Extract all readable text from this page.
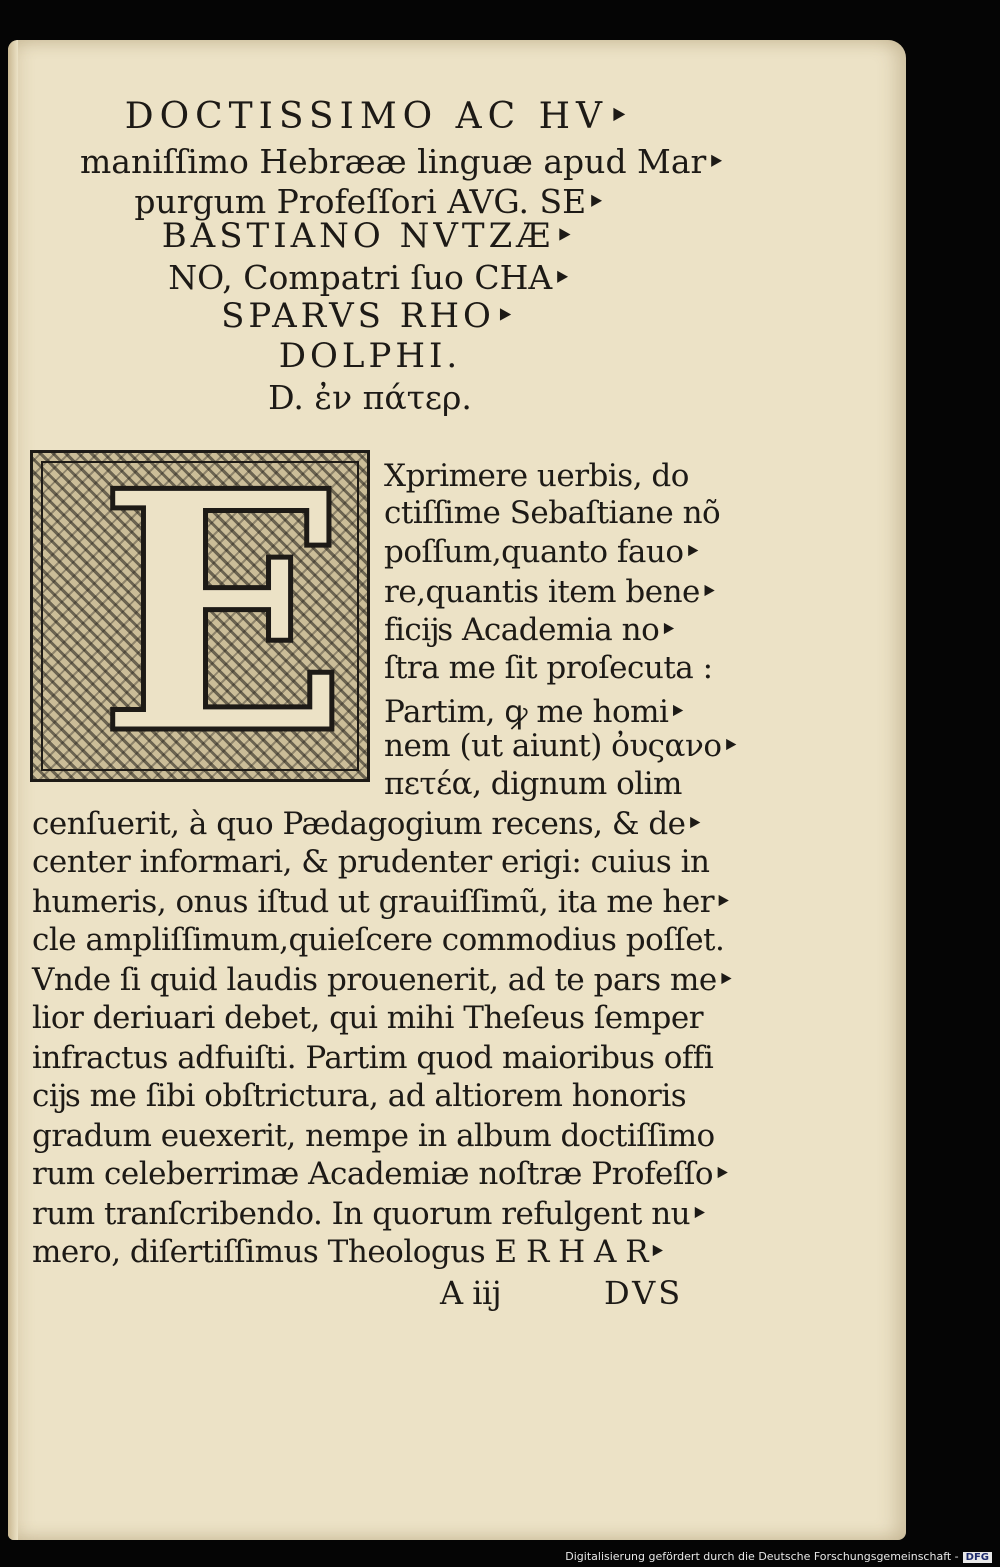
DOCTISSIMO AC HV‣
maniſſimo Hebrææ linguæ apud Mar‣
purgum Profeſſori AVG. SE‣
BASTIANO NVTZÆ‣
NO, Compatri ſuo CHA‣
SPARVS RHO‣
DOLPHI.
D. ἐν πάτερ.
E Xprimere uerbis, do
ctiſſime Sebaſtiane nõ
poſſum,quanto fauo‣
re,quantis item bene‣
ficĳs Academia no‣
ſtra me ſit proſecuta :
Partim, ꝙ me homi‣
nem (ut aiunt) ὀυςανο‣
πετέα, dignum olim
cenſuerit, à quo Pædagogium recens, & de‣
center informari, & prudenter erigi: cuius in
humeris, onus iſtud ut grauiſſimũ, ita me her‣
cle ampliſſimum,quieſcere commodius poſſet.
Vnde ſi quid laudis prouenerit, ad te pars me‣
lior deriuari debet, qui mihi Theſeus ſemper
infractus adfuiſti. Partim quod maioribus offi
cĳs me ſibi obſtrictura, ad altiorem honoris
gradum euexerit, nempe in album doctiſſimo
rum celeberrimæ Academiæ noſtræ Profeſſo‣
rum tranſcribendo. In quorum refulgent nu‣
mero, diſertiſſimus Theologus E R H A R‣
A iij	DVS
Digitalisierung gefördert durch die Deutsche Forschungsgemeinschaft - DFG
